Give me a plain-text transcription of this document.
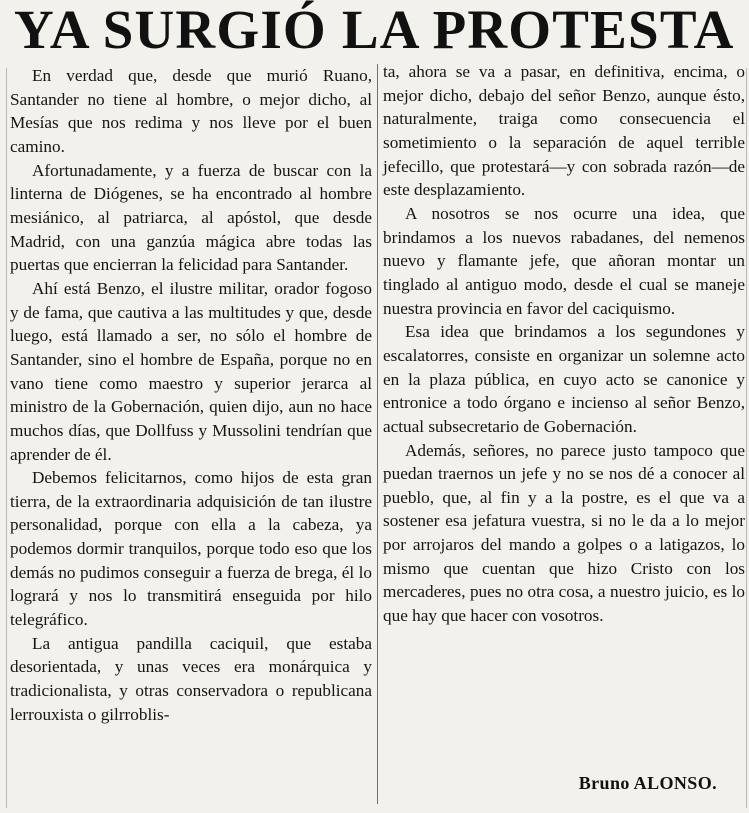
YA SURGIÓ LA PROTESTA

En verdad que, desde que murió Ruano, Santander no tiene al hombre, o mejor dicho, al Mesías que nos redima y nos lleve por el buen camino.

Afortunadamente, y a fuerza de buscar con la linterna de Diógenes, se ha encontrado al hombre mesiánico, al patriarca, al apóstol, que desde Madrid, con una ganzúa mágica abre todas las puertas que encierran la felicidad para Santander.

Ahí está Benzo, el ilustre militar, orador fogoso y de fama, que cautiva a las multitudes y que, desde luego, está llamado a ser, no sólo el hombre de Santander, sino el hombre de España, porque no en vano tiene como maestro y superior jerarca al ministro de la Gobernación, quien dijo, aun no hace muchos días, que Dollfuss y Mussolini tendrían que aprender de él.

Debemos felicitarnos, como hijos de esta gran tierra, de la extraordinaria adquisición de tan ilustre personalidad, porque con ella a la cabeza, ya podemos dormir tranquilos, porque todo eso que los demás no pudimos conseguir a fuerza de brega, él lo logrará y nos lo transmitirá enseguida por hilo telegráfico.

La antigua pandilla caciquil, que estaba desorientada, y unas veces era monárquica y tradicionalista, y otras conservadora o republicana lerrouxista o gilrroblis-

ta, ahora se va a pasar, en definitiva, encima, o mejor dicho, debajo del señor Benzo, aunque ésto, naturalmente, traiga como consecuencia el sometimiento o la separación de aquel terrible jefecillo, que protestará—y con sobrada razón—de este desplazamiento.

A nosotros se nos ocurre una idea, que brindamos a los nuevos rabadanes, del nemenos nuevo y flamante jefe, que añoran montar un tinglado al antiguo modo, desde el cual se maneje nuestra provincia en favor del caciquismo.

Esa idea que brindamos a los segundones y escalatorres, consiste en organizar un solemne acto en la plaza pública, en cuyo acto se canonice y entronice a todo órgano e incienso al señor Benzo, actual subsecretario de Gobernación.

Además, señores, no parece justo tampoco que puedan traernos un jefe y no se nos dé a conocer al pueblo, que, al fin y a la postre, es el que va a sostener esa jefatura vuestra, si no le da a lo mejor por arrojaros del mando a golpes o a latigazos, lo mismo que cuentan que hizo Cristo con los mercaderes, pues no otra cosa, a nuestro juicio, es lo que hay que hacer con vosotros.

Bruno ALONSO.
